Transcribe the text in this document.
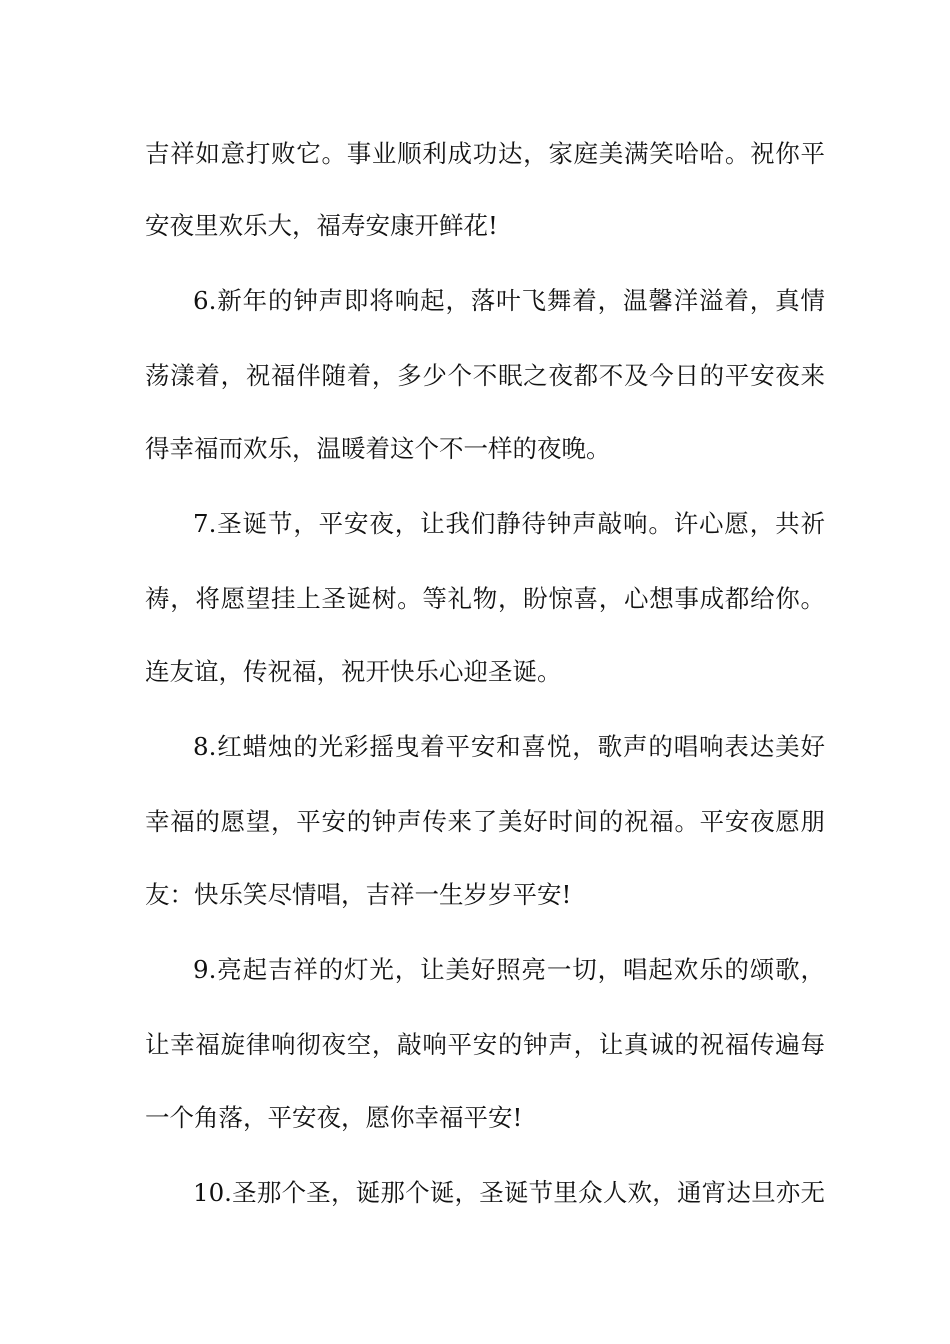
吉祥如意打败它。事业顺利成功达，家庭美满笑哈哈。祝你平
安夜里欢乐大，福寿安康开鲜花!
6.新年的钟声即将响起，落叶飞舞着，温馨洋溢着，真情
荡漾着，祝福伴随着，多少个不眠之夜都不及今日的平安夜来
得幸福而欢乐，温暖着这个不一样的夜晚。
7.圣诞节，平安夜，让我们静待钟声敲响。许心愿，共祈
祷，将愿望挂上圣诞树。等礼物，盼惊喜，心想事成都给你。
连友谊，传祝福，祝开快乐心迎圣诞。
8.红蜡烛的光彩摇曳着平安和喜悦，歌声的唱响表达美好
幸福的愿望，平安的钟声传来了美好时间的祝福。平安夜愿朋
友：快乐笑尽情唱，吉祥一生岁岁平安!
9.亮起吉祥的灯光，让美好照亮一切，唱起欢乐的颂歌，
让幸福旋律响彻夜空，敲响平安的钟声，让真诚的祝福传遍每
一个角落，平安夜，愿你幸福平安!
10.圣那个圣，诞那个诞，圣诞节里众人欢，通宵达旦亦无
